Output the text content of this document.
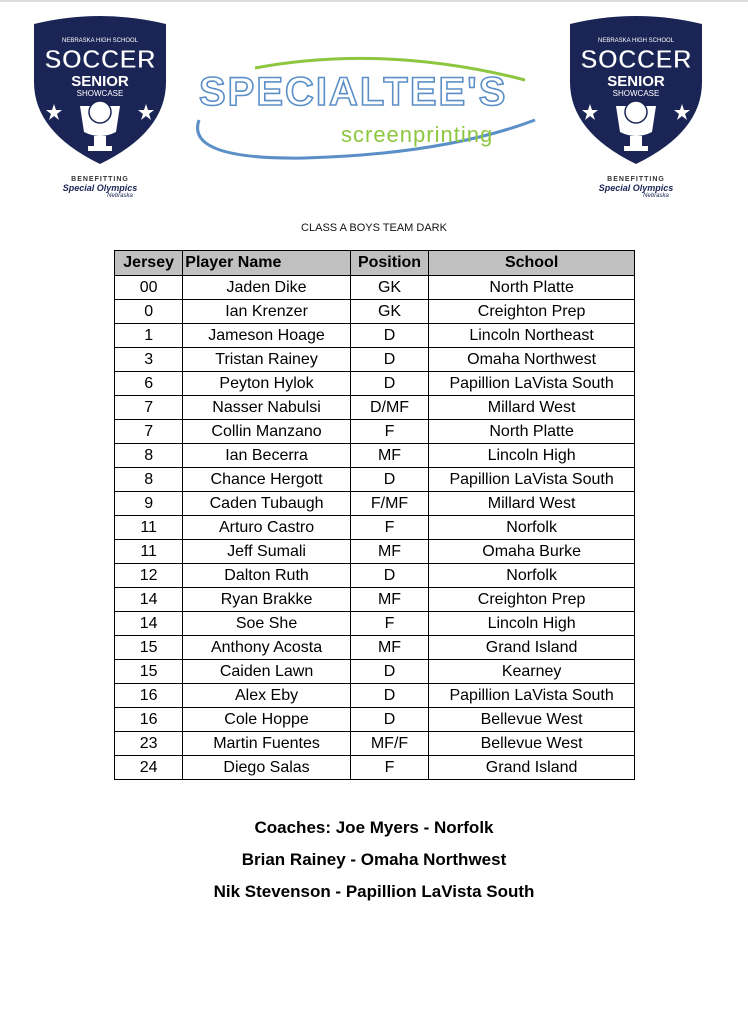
NEBRASKA HIGH SCHOOL
SOCCER
SENIOR
SHOWCASE
BENEFITTING
Special Olympics
Nebraska
NEBRASKA HIGH SCHOOL
SOCCER
SENIOR
SHOWCASE
BENEFITTING
Special Olympics
Nebraska
SPECIALTEE'S
screenprinting
CLASS A BOYS TEAM DARK
Jersey	Player Name	Position	School
00	Jaden Dike	GK	North Platte
0	Ian Krenzer	GK	Creighton Prep
1	Jameson Hoage	D	Lincoln Northeast
3	Tristan Rainey	D	Omaha Northwest
6	Peyton Hylok	D	Papillion LaVista South
7	Nasser Nabulsi	D/MF	Millard West
7	Collin Manzano	F	North Platte
8	Ian Becerra	MF	Lincoln High
8	Chance Hergott	D	Papillion LaVista South
9	Caden Tubaugh	F/MF	Millard West
11	Arturo Castro	F	Norfolk
11	Jeff Sumali	MF	Omaha Burke
12	Dalton Ruth	D	Norfolk
14	Ryan Brakke	MF	Creighton Prep
14	Soe She	F	Lincoln High
15	Anthony Acosta	MF	Grand Island
15	Caiden Lawn	D	Kearney
16	Alex Eby	D	Papillion LaVista South
16	Cole Hoppe	D	Bellevue West
23	Martin Fuentes	MF/F	Bellevue West
24	Diego Salas	F	Grand Island
Coaches: Joe Myers - Norfolk
Brian Rainey - Omaha Northwest
Nik Stevenson - Papillion LaVista South
